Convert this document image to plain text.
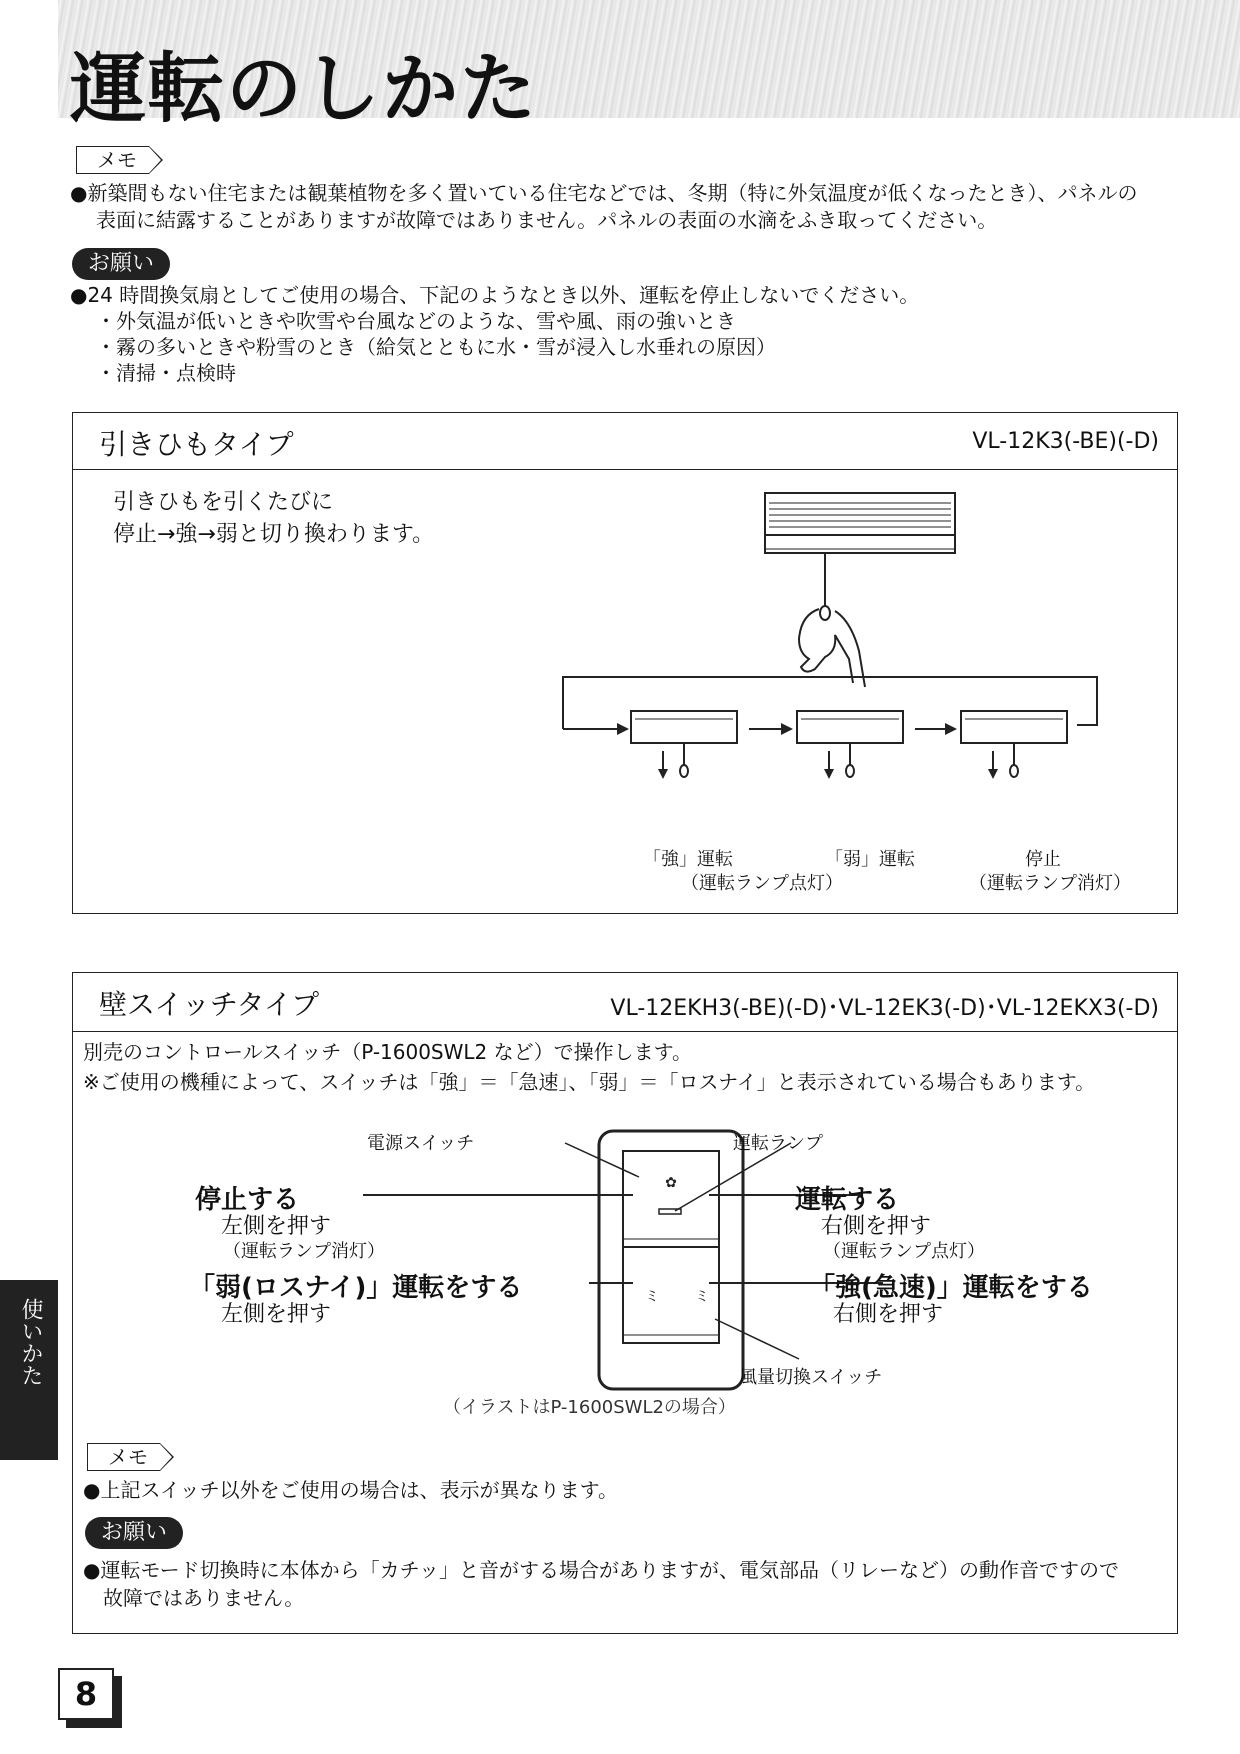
運転のしかた
メモ
●新築間もない住宅または観葉植物を多く置いている住宅などでは、冬期（特に外気温度が低くなったとき）、パネルの
表面に結露することがありますが故障ではありません。パネルの表面の水滴をふき取ってください。
お願い
●24 時間換気扇としてご使用の場合、下記のようなとき以外、運転を停止しないでください。
・外気温が低いときや吹雪や台風などのような、雪や風、雨の強いとき
・霧の多いときや粉雪のとき（給気とともに水・雪が浸入し水垂れの原因）
・清掃・点検時
引きひもタイプ	VL-12K3(-BE)(-D)
引きひもを引くたびに
停止→強→弱と切り換わります。
「強」運転	「弱」運転
（運転ランプ点灯）
停止
（運転ランプ消灯）
壁スイッチタイプ	VL-12EKH3(-BE)(-D)･VL-12EK3(-D)･VL-12EKX3(-D)
別売のコントロールスイッチ（P-1600SWL2 など）で操作します。
※ご使用の機種によって、スイッチは「強」＝「急速」、「弱」＝「ロスナイ」と表示されている場合もあります。
✿
ミ	ミ
電源スイッチ	運転ランプ
停止する
左側を押す
（運転ランプ消灯）
運転する
右側を押す
（運転ランプ点灯）
「弱(ロスナイ)」運転をする
左側を押す
「強(急速)」運転をする
右側を押す
風量切換スイッチ
（イラストはP-1600SWL2の場合）
メモ
●上記スイッチ以外をご使用の場合は、表示が異なります。
お願い
●運転モード切換時に本体から「カチッ」と音がする場合がありますが、電気部品（リレーなど）の動作音ですので
故障ではありません。
使いかた
8
